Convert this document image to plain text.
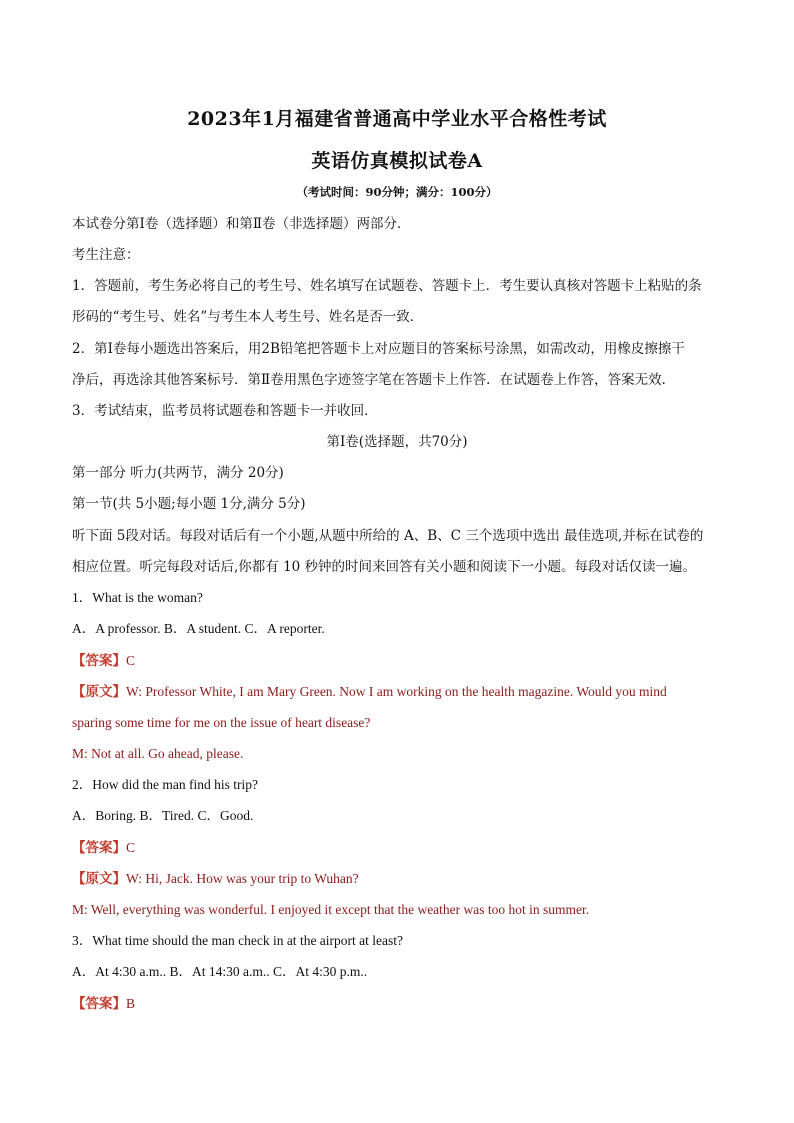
2023年1月福建省普通高中学业水平合格性考试
英语仿真模拟试卷A
（考试时间：90分钟；满分：100分）
本试卷分第Ⅰ卷（选择题）和第Ⅱ卷（非选择题）两部分．
考生注意：
1．答题前，考生务必将自己的考生号、姓名填写在试题卷、答题卡上．考生要认真核对答题卡上粘贴的条
形码的“考生号、姓名”与考生本人考生号、姓名是否一致．
2．第Ⅰ卷每小题选出答案后，用2B铅笔把答题卡上对应题目的答案标号涂黑，如需改动，用橡皮擦擦干
净后，再选涂其他答案标号．第Ⅱ卷用黑色字迹签字笔在答题卡上作答．在试题卷上作答，答案无效．
3．考试结束，监考员将试题卷和答题卡一并收回．
第Ⅰ卷(选择题，共70分)
第一部分 听力(共两节，满分 20分)
第一节(共 5小题;每小题 1分,满分 5分)
听下面 5段对话。每段对话后有一个小题,从题中所给的 A、B、C 三个选项中选出 最佳选项,并标在试卷的
相应位置。听完每段对话后,你都有 10 秒钟的时间来回答有关小题和阅读下一小题。每段对话仅读一遍。
1．What is the woman?
A．A professor. B．A student. C．A reporter.
【答案】C
【原文】W: Professor White, I am Mary Green. Now I am working on the health magazine. Would you mind
sparing some time for me on the issue of heart disease?
M: Not at all. Go ahead, please.
2．How did the man find his trip?
A．Boring. B．Tired. C．Good.
【答案】C
【原文】W: Hi, Jack. How was your trip to Wuhan?
M: Well, everything was wonderful. I enjoyed it except that the weather was too hot in summer.
3．What time should the man check in at the airport at least?
A．At 4:30 a.m.. B．At 14:30 a.m.. C．At 4:30 p.m..
【答案】B
